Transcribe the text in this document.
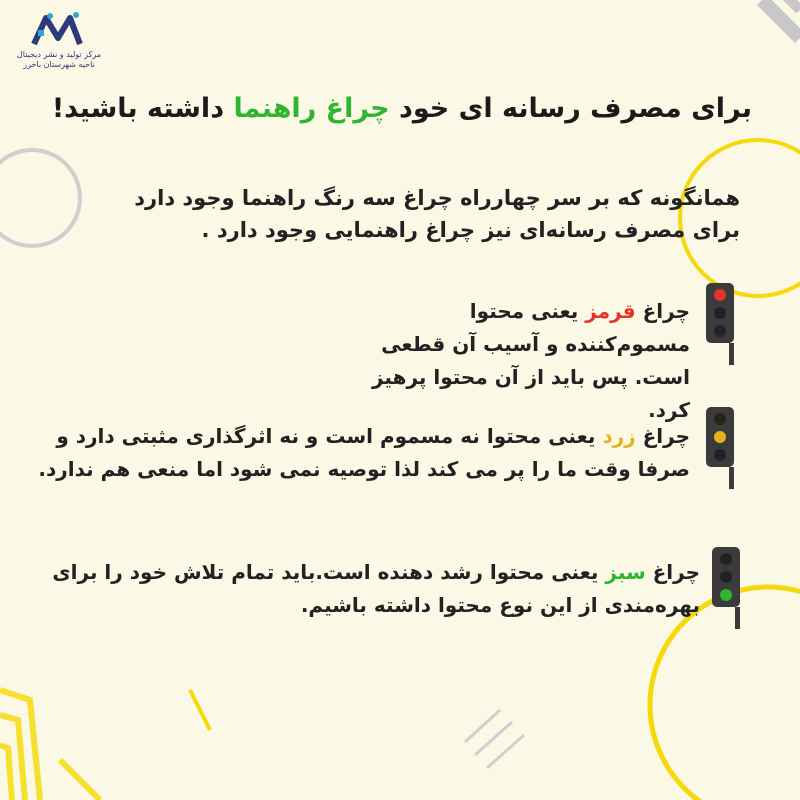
مرکز تولید و نشر دیجیتال
ناحیه شهرستان باخرز
برای مصرف رسانه ای خود چراغ راهنما داشته باشید!
همانگونه که بر سر چهارراه چراغ سه رنگ راهنما وجود دارد برای مصرف رسانه‌ای نیز چراغ راهنمایی وجود دارد .
چراغ قرمز یعنی محتوا مسموم‌کننده و آسیب آن قطعی است. پس باید از آن محتوا پرهیز کرد.
چراغ زرد یعنی محتوا نه مسموم است و نه اثرگذاری مثبتی دارد و صرفا وقت ما را پر می کند لذا توصیه نمی شود اما منعی هم ندارد.
چراغ سبز یعنی محتوا رشد دهنده است.باید تمام تلاش خود را برای بهره‌مندی از این نوع محتوا داشته باشیم.
